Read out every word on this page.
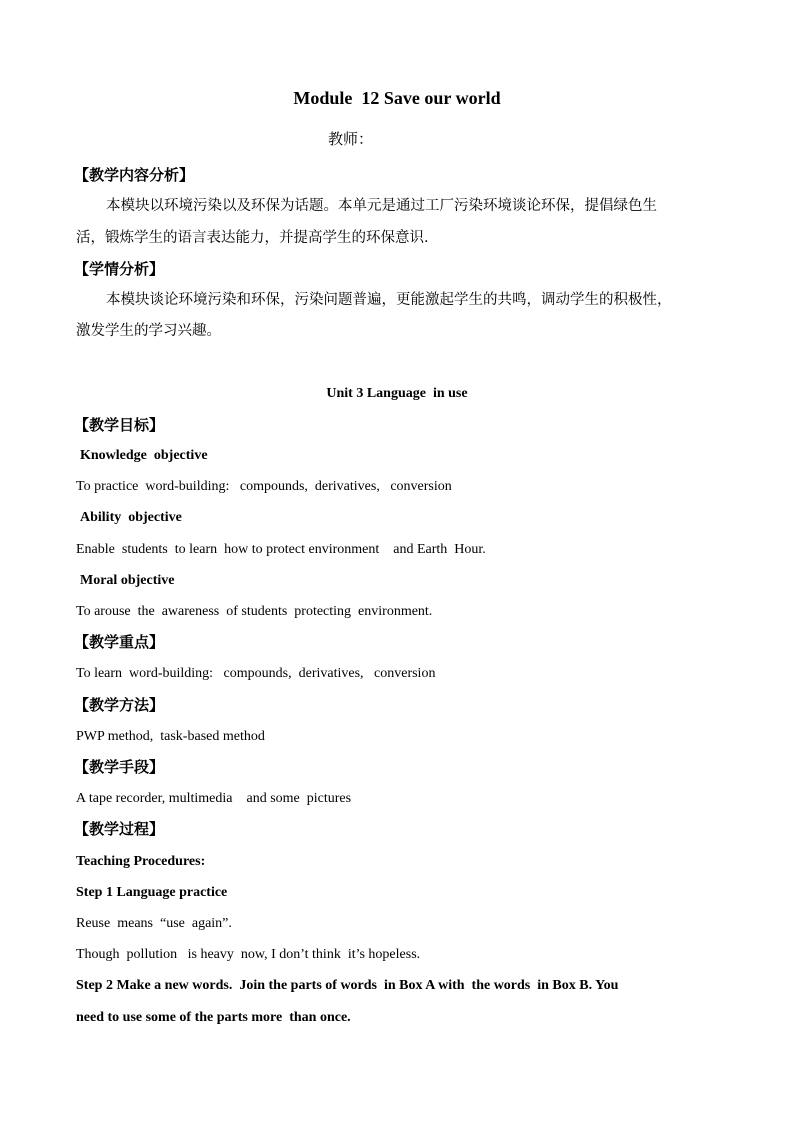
Module  12 Save our world
教师：
【教学内容分析】
本模块以环境污染以及环保为话题。本单元是通过工厂污染环境谈论环保，提倡绿色生
活，锻炼学生的语言表达能力，并提高学生的环保意识.
【学情分析】
本模块谈论环境污染和环保，污染问题普遍，更能激起学生的共鸣，调动学生的积极性，
激发学生的学习兴趣。
Unit 3 Language  in use
【教学目标】
Knowledge  objective
To practice  word-building:   compounds,  derivatives,   conversion
Ability  objective
Enable  students  to learn  how to protect environment    and Earth  Hour.
Moral objective
To arouse  the  awareness  of students  protecting  environment.
【教学重点】
To learn  word-building:   compounds,  derivatives,   conversion
【教学方法】
PWP method,  task-based method
【教学手段】
A tape recorder, multimedia    and some  pictures
【教学过程】
Teaching Procedures:
Step 1 Language practice
Reuse  means  “use  again”.
Though  pollution   is heavy  now, I don’t think  it’s hopeless.
Step 2 Make a new words.  Join the parts of words  in Box A with  the words  in Box B. You
need to use some of the parts more  than once.
